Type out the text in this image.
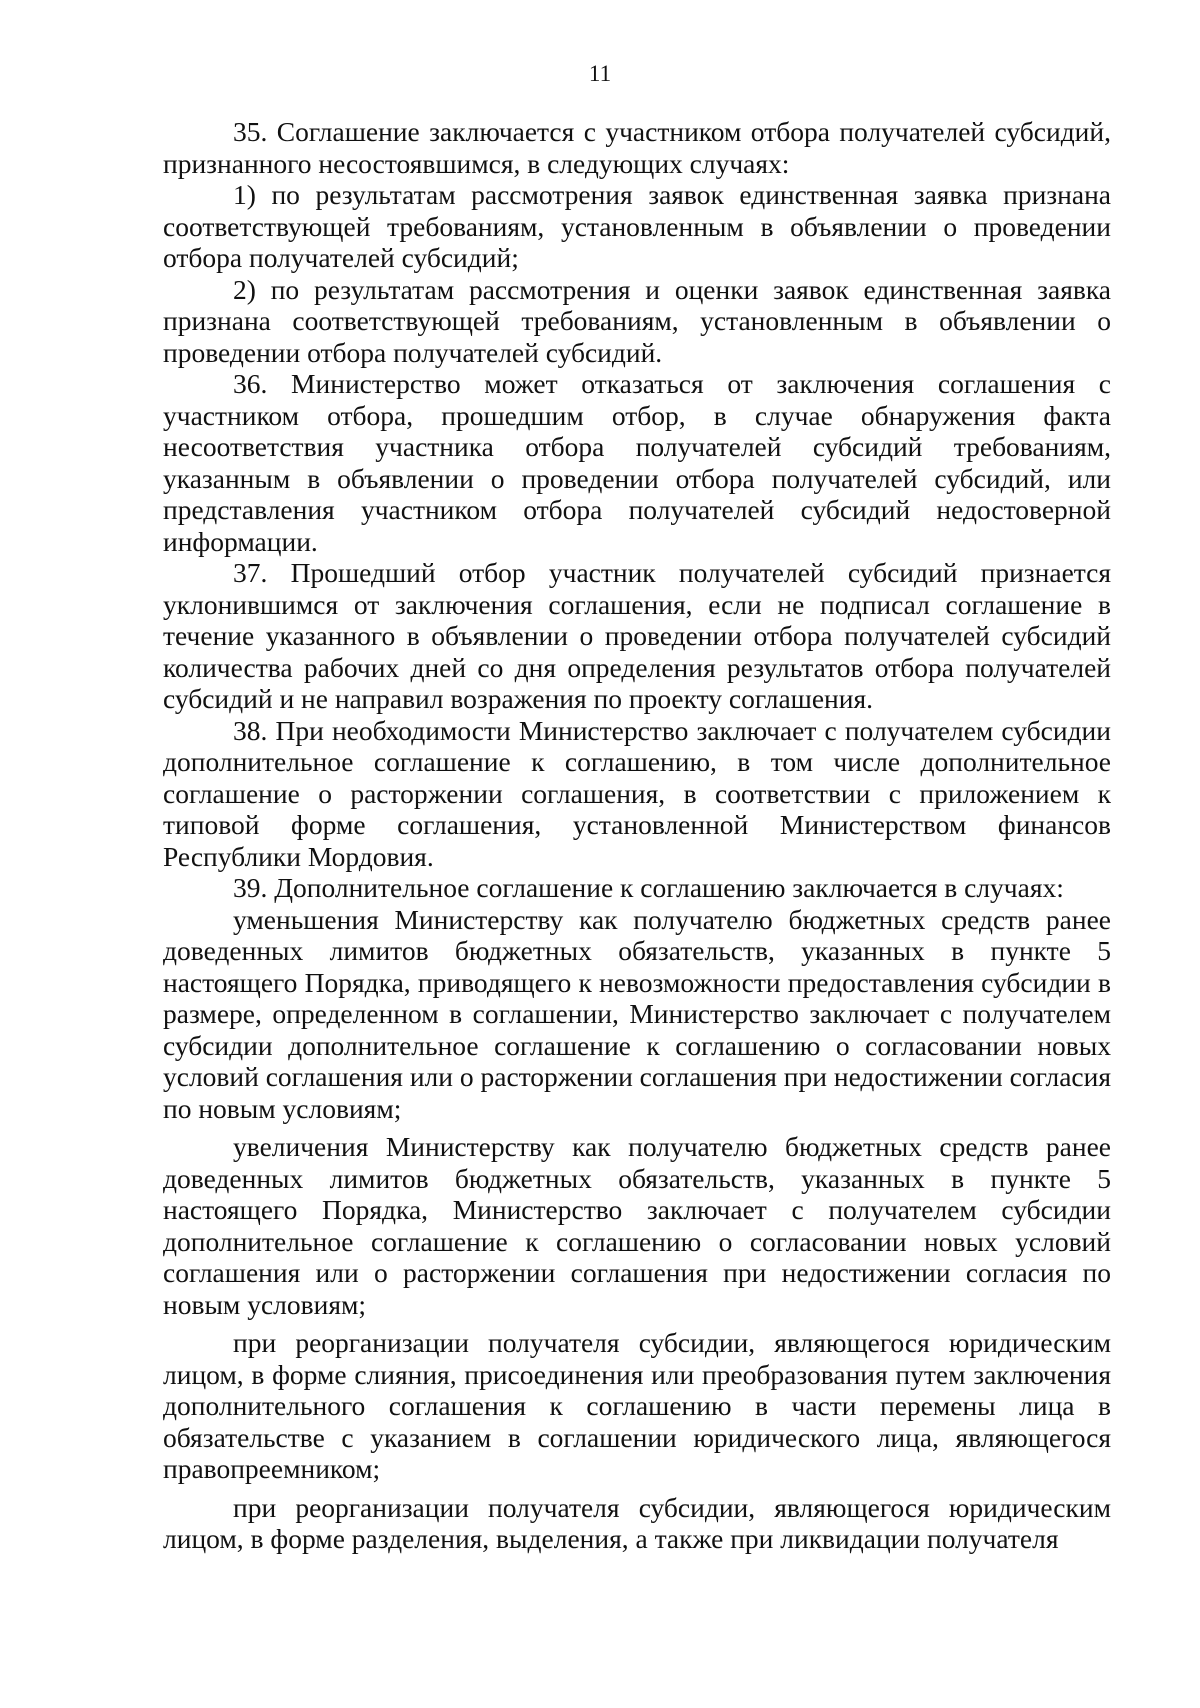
11

35. Соглашение заключается с участником отбора получателей субсидий, признанного несостоявшимся, в следующих случаях:

1) по результатам рассмотрения заявок единственная заявка признана соответствующей требованиям, установленным в объявлении о проведении отбора получателей субсидий;

2) по результатам рассмотрения и оценки заявок единственная заявка признана соответствующей требованиям, установленным в объявлении о проведении отбора получателей субсидий.

36. Министерство может отказаться от заключения соглашения с участником отбора, прошедшим отбор, в случае обнаружения факта несоответствия участника отбора получателей субсидий требованиям, указанным в объявлении о проведении отбора получателей субсидий, или представления участником отбора получателей субсидий недостоверной информации.

37. Прошедший отбор участник получателей субсидий признается уклонившимся от заключения соглашения, если не подписал соглашение в течение указанного в объявлении о проведении отбора получателей субсидий количества рабочих дней со дня определения результатов отбора получателей субсидий и не направил возражения по проекту соглашения.

38. При необходимости Министерство заключает с получателем субсидии дополнительное соглашение к соглашению, в том числе дополнительное соглашение о расторжении соглашения, в соответствии с приложением к типовой форме соглашения, установленной Министерством финансов Республики Мордовия.

39. Дополнительное соглашение к соглашению заключается в случаях:

уменьшения Министерству как получателю бюджетных средств ранее доведенных лимитов бюджетных обязательств, указанных в пункте 5 настоящего Порядка, приводящего к невозможности предоставления субсидии в размере, определенном в соглашении, Министерство заключает с получателем субсидии дополнительное соглашение к соглашению о согласовании новых условий соглашения или о расторжении соглашения при недостижении согласия по новым условиям;

увеличения Министерству как получателю бюджетных средств ранее доведенных лимитов бюджетных обязательств, указанных в пункте 5 настоящего Порядка, Министерство заключает с получателем субсидии дополнительное соглашение к соглашению о согласовании новых условий соглашения или о расторжении соглашения при недостижении согласия по новым условиям;

при реорганизации получателя субсидии, являющегося юридическим лицом, в форме слияния, присоединения или преобразования путем заключения дополнительного соглашения к соглашению в части перемены лица в обязательстве с указанием в соглашении юридического лица, являющегося правопреемником;

при реорганизации получателя субсидии, являющегося юридическим лицом, в форме разделения, выделения, а также при ликвидации получателя
